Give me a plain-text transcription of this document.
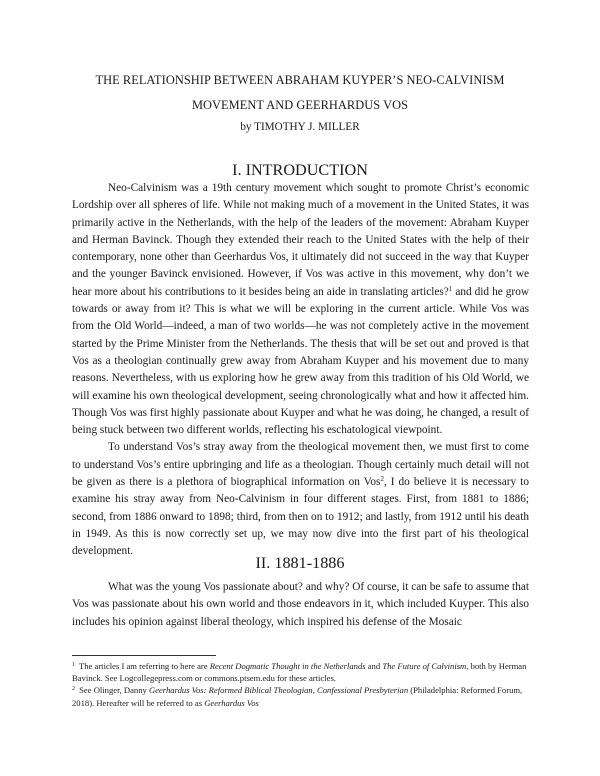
THE RELATIONSHIP BETWEEN ABRAHAM KUYPER’S NEO-CALVINISM
MOVEMENT AND GEERHARDUS VOS
by TIMOTHY J. MILLER
I. INTRODUCTION

Neo-Calvinism was a 19th century movement which sought to promote Christ’s economic Lordship over all spheres of life. While not making much of a movement in the United States, it was primarily active in the Netherlands, with the help of the leaders of the movement: Abraham Kuyper and Herman Bavinck. Though they extended their reach to the United States with the help of their contemporary, none other than Geerhardus Vos, it ultimately did not succeed in the way that Kuyper and the younger Bavinck envisioned. However, if Vos was active in this movement, why don’t we hear more about his contributions to it besides being an aide in translating articles?$^1$ and did he grow towards or away from it? This is what we will be exploring in the current article. While Vos was from the Old World—indeed, a man of two worlds—he was not completely active in the movement started by the Prime Minister from the Netherlands. The thesis that will be set out and proved is that Vos as a theologian continually grew away from Abraham Kuyper and his movement due to many reasons. Nevertheless, with us exploring how he grew away from this tradition of his Old World, we will examine his own theological development, seeing chronologically what and how it affected him. Though Vos was first highly passionate about Kuyper and what he was doing, he changed, a result of being stuck between two different worlds, reflecting his eschatological viewpoint.

To understand Vos’s stray away from the theological movement then, we must first to come to understand Vos’s entire upbringing and life as a theologian. Though certainly much detail will not be given as there is a plethora of biographical information on Vos$^2$, I do believe it is necessary to examine his stray away from Neo-Calvinism in four different stages. First, from 1881 to 1886; second, from 1886 onward to 1898; third, from then on to 1912; and lastly, from 1912 until his death in 1949. As this is now correctly set up, we may now dive into the first part of his theological development.

II. 1881-1886

What was the young Vos passionate about? and why? Of course, it can be safe to assume that Vos was passionate about his own world and those endeavors in it, which included Kuyper. This also includes his opinion against liberal theology, which inspired his defense of the Mosaic

$^1$ The articles I am referring to here are Recent Dogmatic Thought in the Netherlands and The Future of Calvinism, both by Herman Bavinck. See Logcollegepress.com or commons.ptsem.edu for these articles.

$^2$ See Olinger, Danny Geerhardus Vos: Reformed Biblical Theologian, Confessional Presbyterian (Philadelphia: Reformed Forum, 2018). Hereafter will be referred to as Geerhardus Vos
